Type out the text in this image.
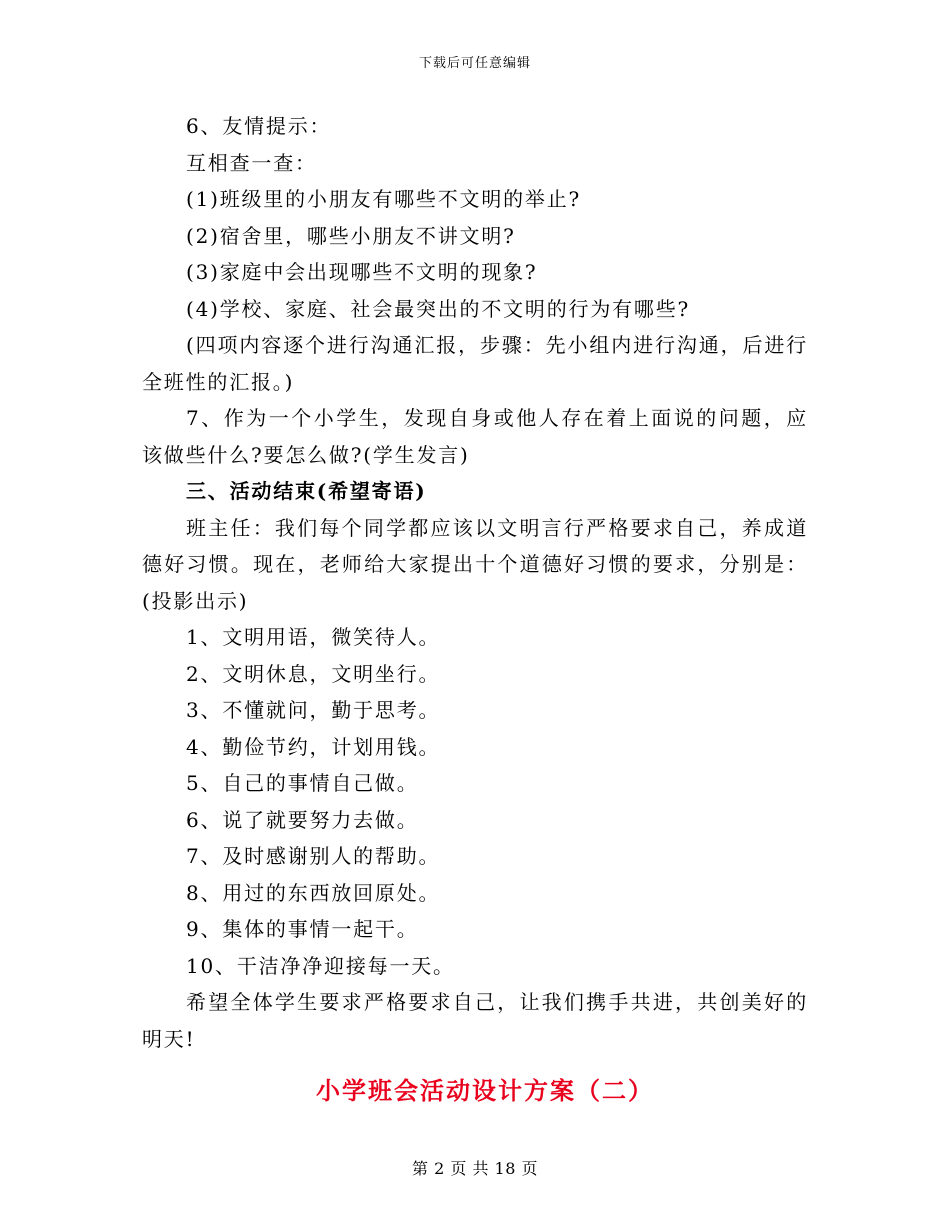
下载后可任意编辑

6、友情提示：

互相查一查：

(1)班级里的小朋友有哪些不文明的举止?

(2)宿舍里，哪些小朋友不讲文明?

(3)家庭中会出现哪些不文明的现象?

(4)学校、家庭、社会最突出的不文明的行为有哪些?

(四项内容逐个进行沟通汇报，步骤：先小组内进行沟通，后进行全班性的汇报。)

7、作为一个小学生，发现自身或他人存在着上面说的问题，应该做些什么?要怎么做?(学生发言)

三、活动结束(希望寄语)

班主任：我们每个同学都应该以文明言行严格要求自己，养成道德好习惯。现在，老师给大家提出十个道德好习惯的要求，分别是：(投影出示)

1、文明用语，微笑待人。

2、文明休息，文明坐行。

3、不懂就问，勤于思考。

4、勤俭节约，计划用钱。

5、自己的事情自己做。

6、说了就要努力去做。

7、及时感谢别人的帮助。

8、用过的东西放回原处。

9、集体的事情一起干。

10、干洁净净迎接每一天。

希望全体学生要求严格要求自己，让我们携手共进，共创美好的明天!

小学班会活动设计方案（二）
第 2 页 共 18 页
